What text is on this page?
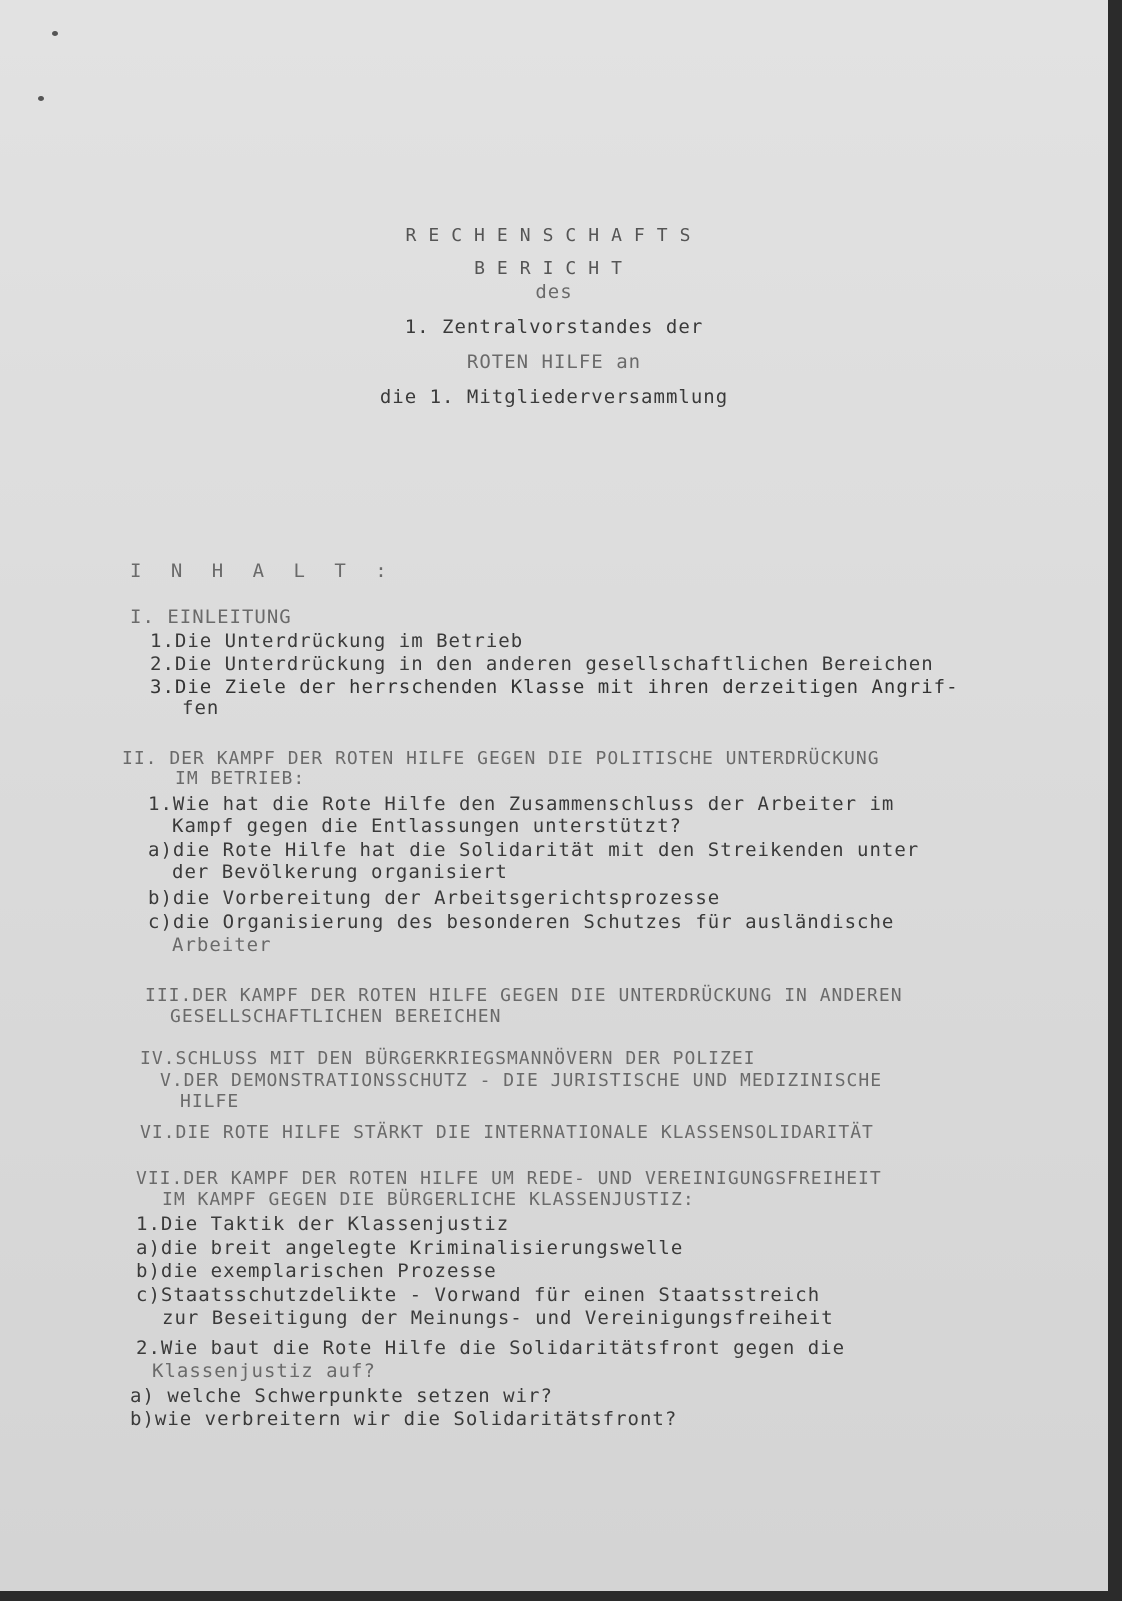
RECHENSCHAFTS
BERICHT
des
1. Zentralvorstandes der
ROTEN HILFE an
die 1. Mitgliederversammlung
I N H A L T :
I. EINLEITUNG
1.Die Unterdrückung im Betrieb
2.Die Unterdrückung in den anderen gesellschaftlichen Bereichen
3.Die Ziele der herrschenden Klasse mit ihren derzeitigen Angrif-
fen
II. DER KAMPF DER ROTEN HILFE GEGEN DIE POLITISCHE UNTERDRÜCKUNG
IM BETRIEB:
1.Wie hat die Rote Hilfe den Zusammenschluss der Arbeiter im
Kampf gegen die Entlassungen unterstützt?
a)die Rote Hilfe hat die Solidarität mit den Streikenden unter
der Bevölkerung organisiert
b)die Vorbereitung der Arbeitsgerichtsprozesse
c)die Organisierung des besonderen Schutzes für ausländische
Arbeiter
III.DER KAMPF DER ROTEN HILFE GEGEN DIE UNTERDRÜCKUNG IN ANDEREN
GESELLSCHAFTLICHEN BEREICHEN
IV.SCHLUSS MIT DEN BÜRGERKRIEGSMANNÖVERN DER POLIZEI
V.DER DEMONSTRATIONSSCHUTZ - DIE JURISTISCHE UND MEDIZINISCHE
HILFE
VI.DIE ROTE HILFE STÄRKT DIE INTERNATIONALE KLASSENSOLIDARITÄT
VII.DER KAMPF DER ROTEN HILFE UM REDE- UND VEREINIGUNGSFREIHEIT
IM KAMPF GEGEN DIE BÜRGERLICHE KLASSENJUSTIZ:
1.Die Taktik der Klassenjustiz
a)die breit angelegte Kriminalisierungswelle
b)die exemplarischen Prozesse
c)Staatsschutzdelikte - Vorwand für einen Staatsstreich
zur Beseitigung der Meinungs- und Vereinigungsfreiheit
2.Wie baut die Rote Hilfe die Solidaritätsfront gegen die
Klassenjustiz auf?
a) welche Schwerpunkte setzen wir?
b)wie verbreitern wir die Solidaritätsfront?
